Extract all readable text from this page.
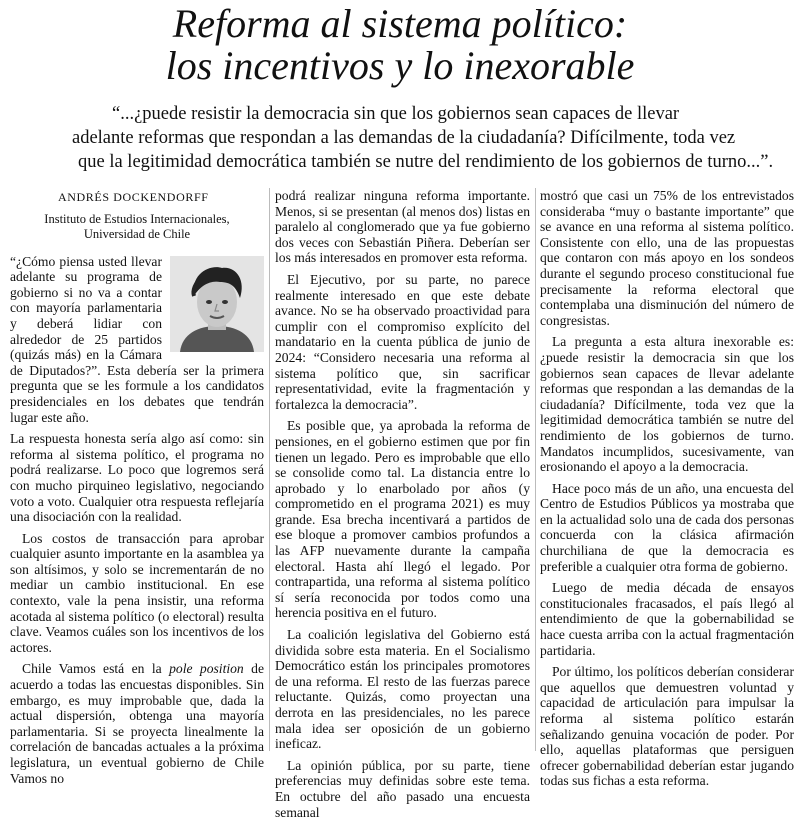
Reforma al sistema político:
los incentivos y lo inexorable
“...¿puede resistir la democracia sin que los gobiernos sean capaces de llevar
adelante reformas que respondan a las demandas de la ciudadanía? Difícilmente, toda vez
que la legitimidad democrática también se nutre del rendimiento de los gobiernos de turno...”.
ANDRÉS DOCKENDORFF
Instituto de Estudios Internacionales,
Universidad de Chile

“¿Cómo piensa usted llevar adelante su programa de gobierno si no va a contar con mayoría parlamentaria y deberá lidiar con alrededor de 25 partidos (quizás más) en la Cámara de Diputados?”. Esta debería ser la primera pregunta que se les formule a los candidatos presidenciales en los debates que tendrán lugar este año.

La respuesta honesta sería algo así como: sin reforma al sistema político, el programa no podrá realizarse. Lo poco que logremos será con mucho pirquineo legislativo, negociando voto a voto. Cualquier otra respuesta reflejaría una disociación con la realidad.

Los costos de transacción para aprobar cualquier asunto importante en la asamblea ya son altísimos, y solo se incrementarán de no mediar un cambio institucional. En ese contexto, vale la pena insistir, una reforma acotada al sistema político (o electoral) resulta clave. Veamos cuáles son los incentivos de los actores.

Chile Vamos está en la pole position de acuerdo a todas las encuestas disponibles. Sin embargo, es muy improbable que, dada la actual dispersión, obtenga una mayoría parlamentaria. Si se proyecta linealmente la correlación de bancadas actuales a la próxima legislatura, un eventual gobierno de Chile Vamos no

podrá realizar ninguna reforma importante. Menos, si se presentan (al menos dos) listas en paralelo al conglomerado que ya fue gobierno dos veces con Sebastián Piñera. Deberían ser los más interesados en promover esta reforma.

El Ejecutivo, por su parte, no parece realmente interesado en que este debate avance. No se ha observado proactividad para cumplir con el compromiso explícito del mandatario en la cuenta pública de junio de 2024: “Considero necesaria una reforma al sistema político que, sin sacrificar representatividad, evite la fragmentación y fortalezca la democracia”.

Es posible que, ya aprobada la reforma de pensiones, en el gobierno estimen que por fin tienen un legado. Pero es improbable que ello se consolide como tal. La distancia entre lo aprobado y lo enarbolado por años (y comprometido en el programa 2021) es muy grande. Esa brecha incentivará a partidos de ese bloque a promover cambios profundos a las AFP nuevamente durante la campaña electoral. Hasta ahí llegó el legado. Por contrapartida, una reforma al sistema político sí sería reconocida por todos como una herencia positiva en el futuro.

La coalición legislativa del Gobierno está dividida sobre esta materia. En el Socialismo Democrático están los principales promotores de una reforma. El resto de las fuerzas parece reluctante. Quizás, como proyectan una derrota en las presidenciales, no les parece mala idea ser oposición de un gobierno ineficaz.

La opinión pública, por su parte, tiene preferencias muy definidas sobre este tema. En octubre del año pasado una encuesta semanal

mostró que casi un 75% de los entrevistados consideraba “muy o bastante importante” que se avance en una reforma al sistema político. Consistente con ello, una de las propuestas que contaron con más apoyo en los sondeos durante el segundo proceso constitucional fue precisamente la reforma electoral que contemplaba una disminución del número de congresistas.

La pregunta a esta altura inexorable es: ¿puede resistir la democracia sin que los gobiernos sean capaces de llevar adelante reformas que respondan a las demandas de la ciudadanía? Difícilmente, toda vez que la legitimidad democrática también se nutre del rendimiento de los gobiernos de turno. Mandatos incumplidos, sucesivamente, van erosionando el apoyo a la democracia.

Hace poco más de un año, una encuesta del Centro de Estudios Públicos ya mostraba que en la actualidad solo una de cada dos personas concuerda con la clásica afirmación churchiliana de que la democracia es preferible a cualquier otra forma de gobierno.

Luego de media década de ensayos constitucionales fracasados, el país llegó al entendimiento de que la gobernabilidad se hace cuesta arriba con la actual fragmentación partidaria.

Por último, los políticos deberían considerar que aquellos que demuestren voluntad y capacidad de articulación para impulsar la reforma al sistema político estarán señalizando genuina vocación de poder. Por ello, aquellas plataformas que persiguen ofrecer gobernabilidad deberían estar jugando todas sus fichas a esta reforma.
